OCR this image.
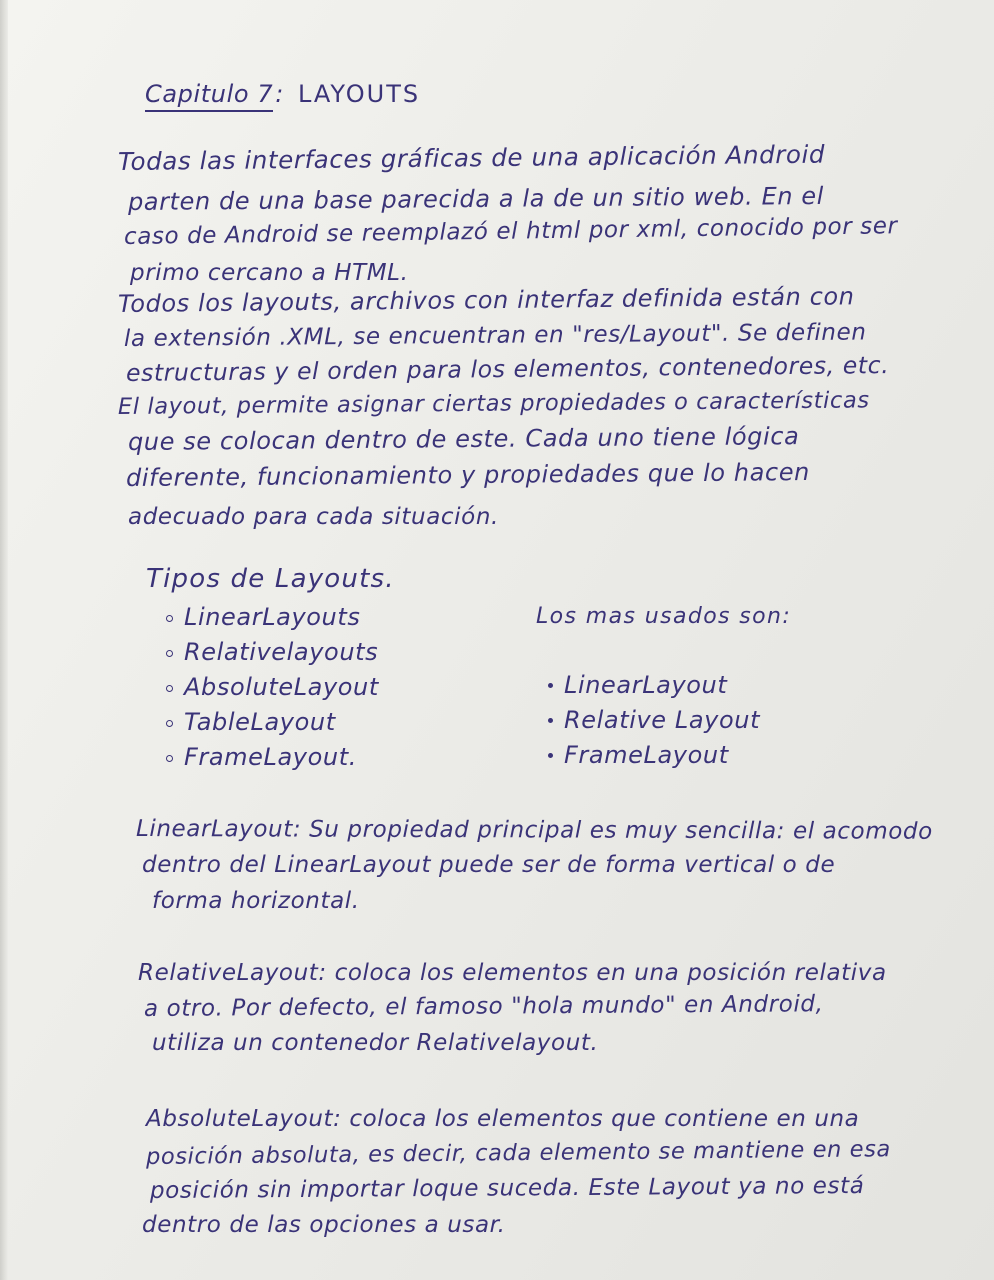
Capitulo 7: LAYOUTS
Todas las interfaces gráficas de una aplicación Android
parten de una base parecida a la de un sitio web. En el
caso de Android se reemplazó el html por xml, conocido por ser
primo cercano a HTML.
Todos los layouts, archivos con interfaz definida están con
la extensión .XML, se encuentran en "res/Layout". Se definen
estructuras y el orden para los elementos, contenedores, etc.
El layout, permite asignar ciertas propiedades o características
que se colocan dentro de este. Cada uno tiene lógica
diferente, funcionamiento y propiedades que lo hacen
adecuado para cada situación.
Tipos de Layouts.
LinearLayouts
Relativelayouts
AbsoluteLayout
TableLayout
FrameLayout.
Los mas usados son:
LinearLayout
Relative Layout
FrameLayout
LinearLayout: Su propiedad principal es muy sencilla: el acomodo
dentro del LinearLayout puede ser de forma vertical o de
forma horizontal.
RelativeLayout: coloca los elementos en una posición relativa
a otro. Por defecto, el famoso "hola mundo" en Android,
utiliza un contenedor Relativelayout.
AbsoluteLayout: coloca los elementos que contiene en una
posición absoluta, es decir, cada elemento se mantiene en esa
posición sin importar loque suceda. Este Layout ya no está
dentro de las opciones a usar.
